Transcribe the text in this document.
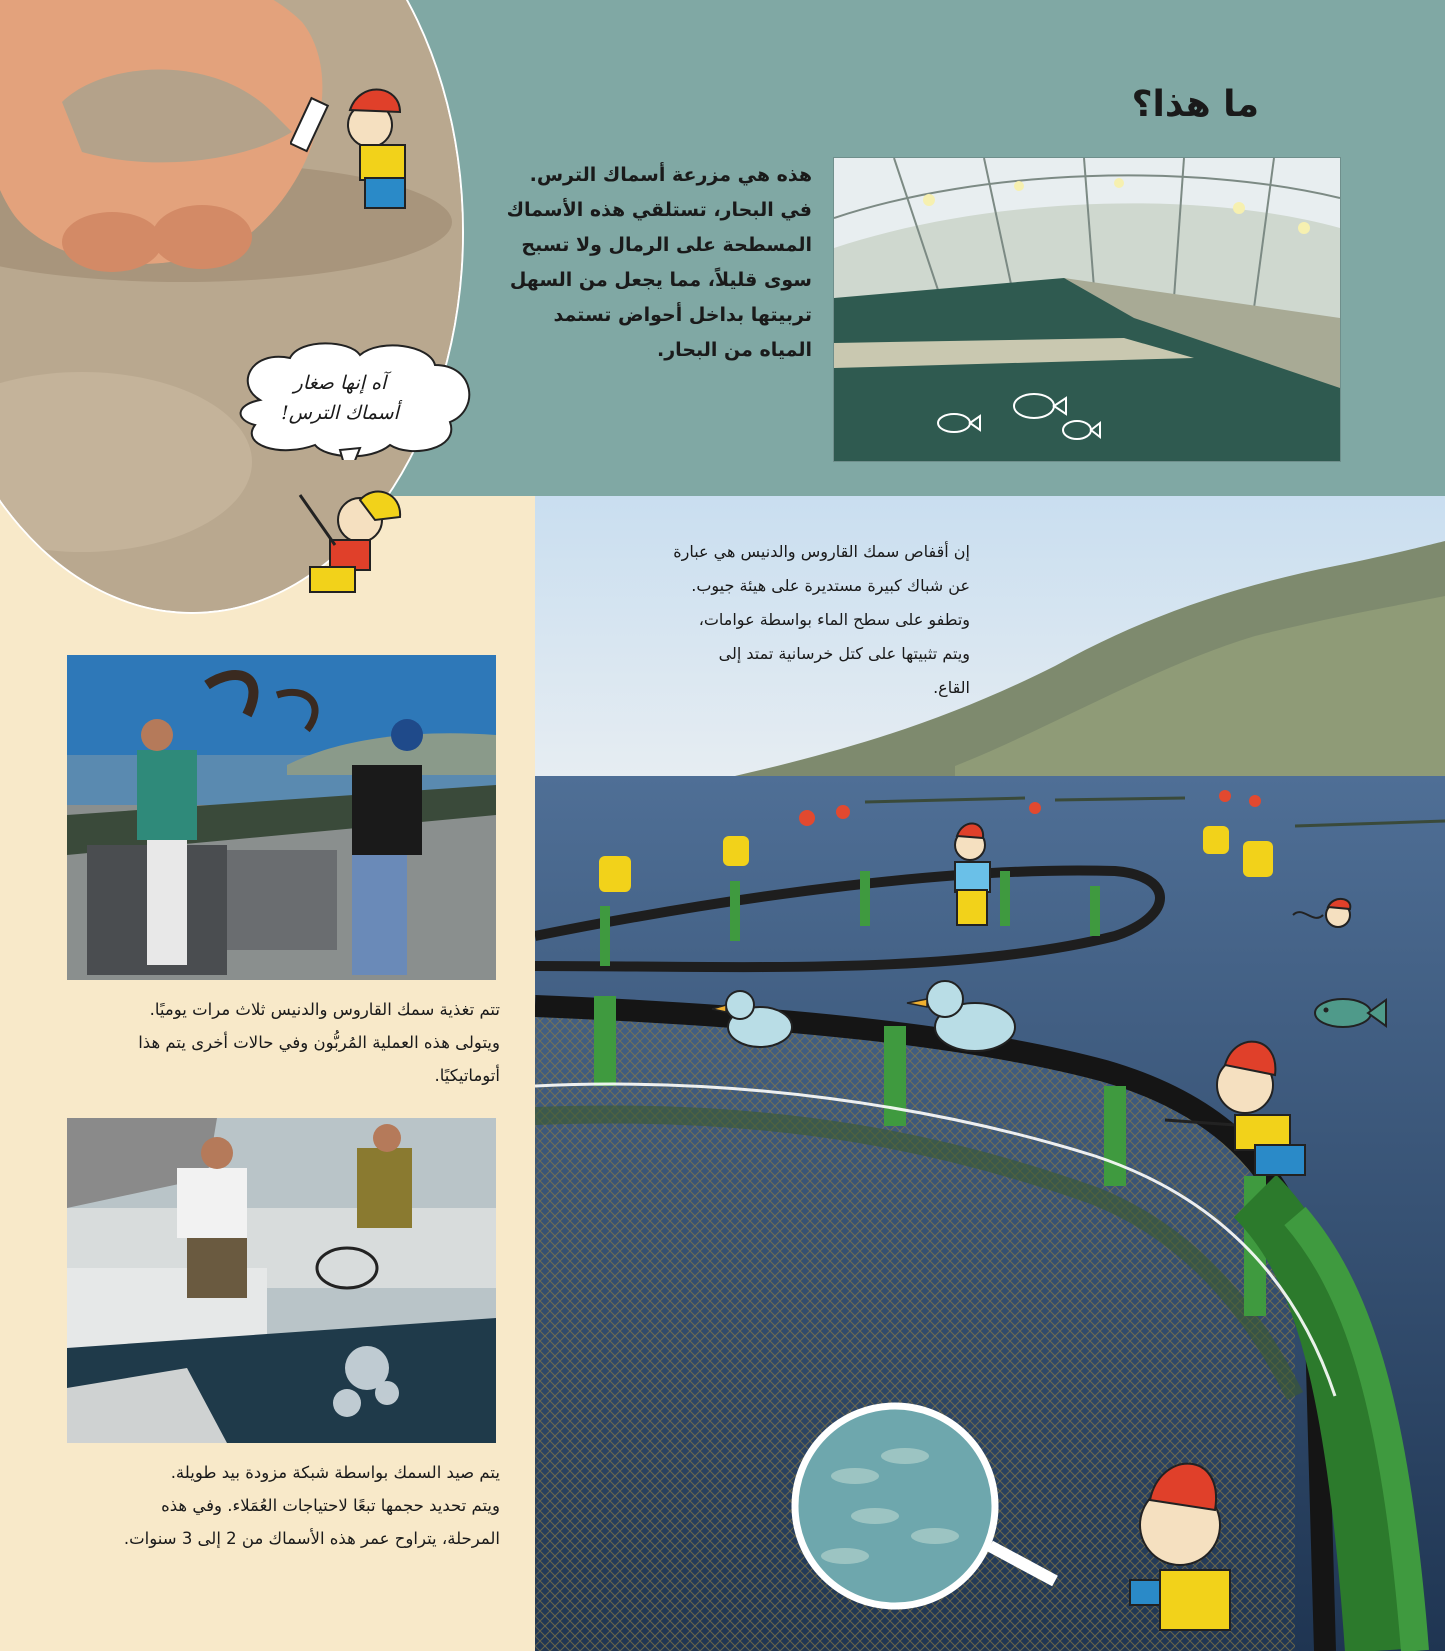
ما هذا؟
هذه هي مزرعة أسماك الترس.
في البحار، تستلقي هذه الأسماك
المسطحة على الرمال ولا تسبح
سوى قليلاً، مما يجعل من السهل
تربيتها بداخل أحواض تستمد
المياه من البحار.
آه إنها صغار
أسماك الترس!
إن أقفاص سمك القاروس والدنيس هي عبارة
عن شباك كبيرة مستديرة على هيئة جيوب.
وتطفو على سطح الماء بواسطة عوامات،
ويتم تثبيتها على كتل خرسانية تمتد إلى
القاع.
تتم تغذية سمك القاروس والدنيس ثلاث مرات يوميًا.
ويتولى هذه العملية المُربُّون وفي حالات أخرى يتم هذا
أتوماتيكيًا.
يتم صيد السمك بواسطة شبكة مزودة بيد طويلة.
ويتم تحديد حجمها تبعًا لاحتياجات العُمَلاء. وفي هذه
المرحلة، يتراوح عمر هذه الأسماك من 2 إلى 3 سنوات.
